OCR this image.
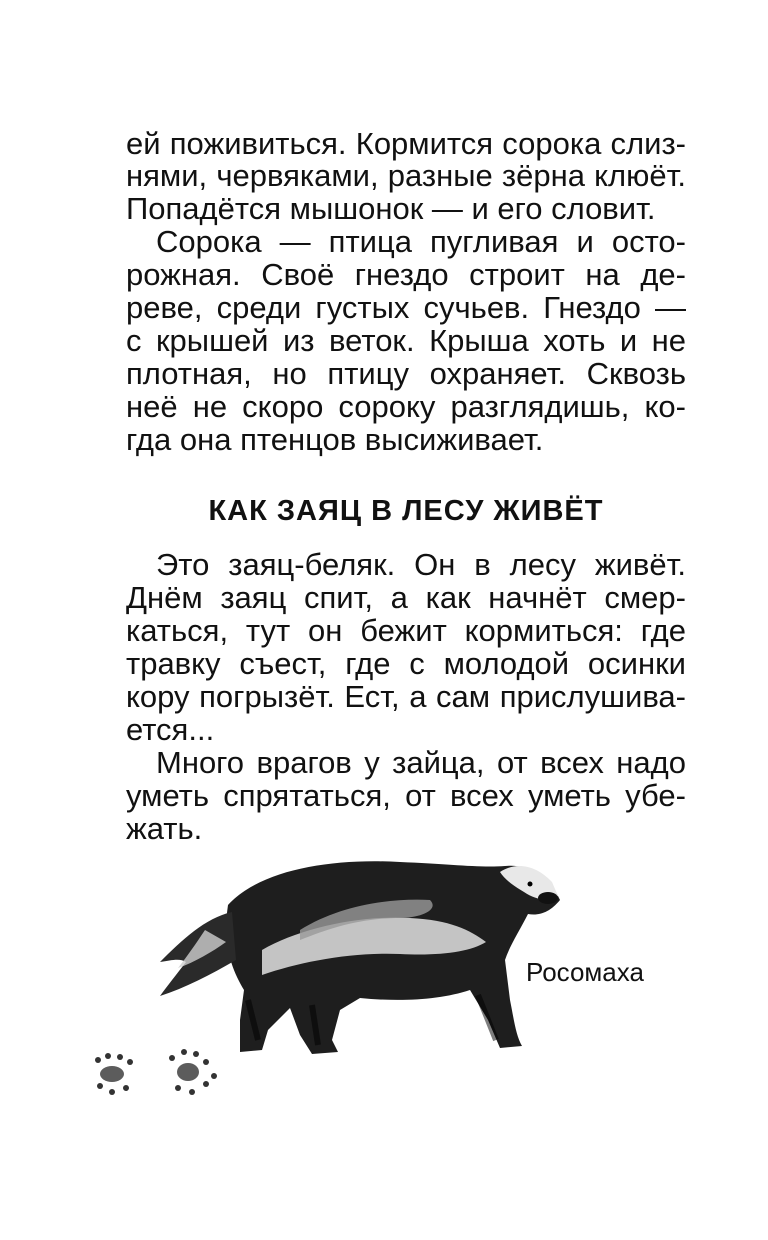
ей поживиться. Кормится сорока слиз-
нями, червяками, разные зёрна клюёт.
Попадётся мышонок — и его словит.
Сорока — птица пугливая и осто-
рожная. Своё гнездо строит на де-
реве, среди густых сучьев. Гнездо —
с крышей из веток. Крыша хоть и не
плотная, но птицу охраняет. Сквозь
неё не скоро сороку разглядишь, ко-
гда она птенцов высиживает.
КАК ЗАЯЦ В ЛЕСУ ЖИВЁТ
Это заяц-беляк. Он в лесу живёт.
Днём заяц спит, а как начнёт смер-
каться, тут он бежит кормиться: где
травку съест, где с молодой осинки
кору погрызёт. Ест, а сам прислушива-
ется...
Много врагов у зайца, от всех надо
уметь спрятаться, от всех уметь убе-
жать.
Росомаха
